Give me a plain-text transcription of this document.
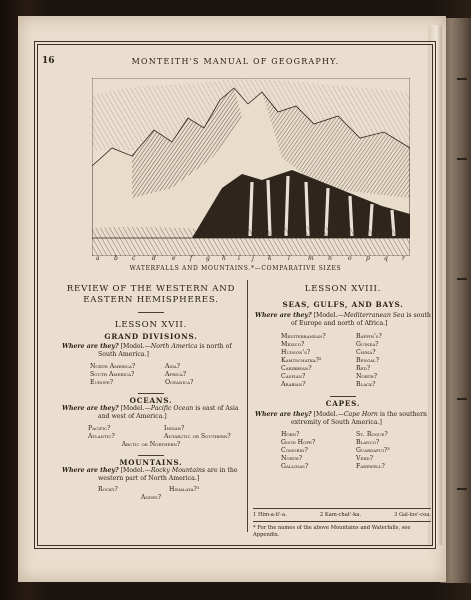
16	MONTEITH'S MANUAL OF GEOGRAPHY.
a b c	d	e f g h i j k	l	m n	o p q r
WATERFALLS AND MOUNTAINS.*—COMPARATIVE SIZES
REVIEW OF THE WESTERN AND EASTERN HEMISPHERES.
LESSON XVII.
GRAND DIVISIONS.
Where are they? [Model.—North America is north of South America.]
North America?	Asia?
South America?	Africa?
Europe?	Oceanica?
OCEANS.
Where are they? [Model.—Pacific Ocean is east of Asia and west of America.]
Pacific?	Indian?
Atlantic?	Antarctic or Southern?
Arctic or Northern?
MOUNTAINS.
Where are they? [Model.—Rocky Mountains are in the western part of North America.]
Rocky?	Himalaya?¹
Andes?
LESSON XVIII.
SEAS, GULFS, AND BAYS.
Where are they? [Model.—Mediterranean Sea is south of Europe and north of Africa.]
Mediterranean?	Baffin's?
Mexico?	Guinea?
Hudson's?	China?
Kamtschatka?²	Bengal?
Caribbean?	Red?
Caspian?	North?
Arabian?	Black?
CAPES.
Where are they? [Model.—Cape Horn is the southern extremity of South America.]
Horn?	St. Roque?
Good Hope?	Blanco?
Comorin?	Guardafui?³
North?	Verd?
Gallinas?	Farewell?
1 Him-a-li'-a.	2 Kam-chat'-ka.	3 Gal-los'-coa.
* For the names of the above Mountains and Waterfalls, see Appendix.
